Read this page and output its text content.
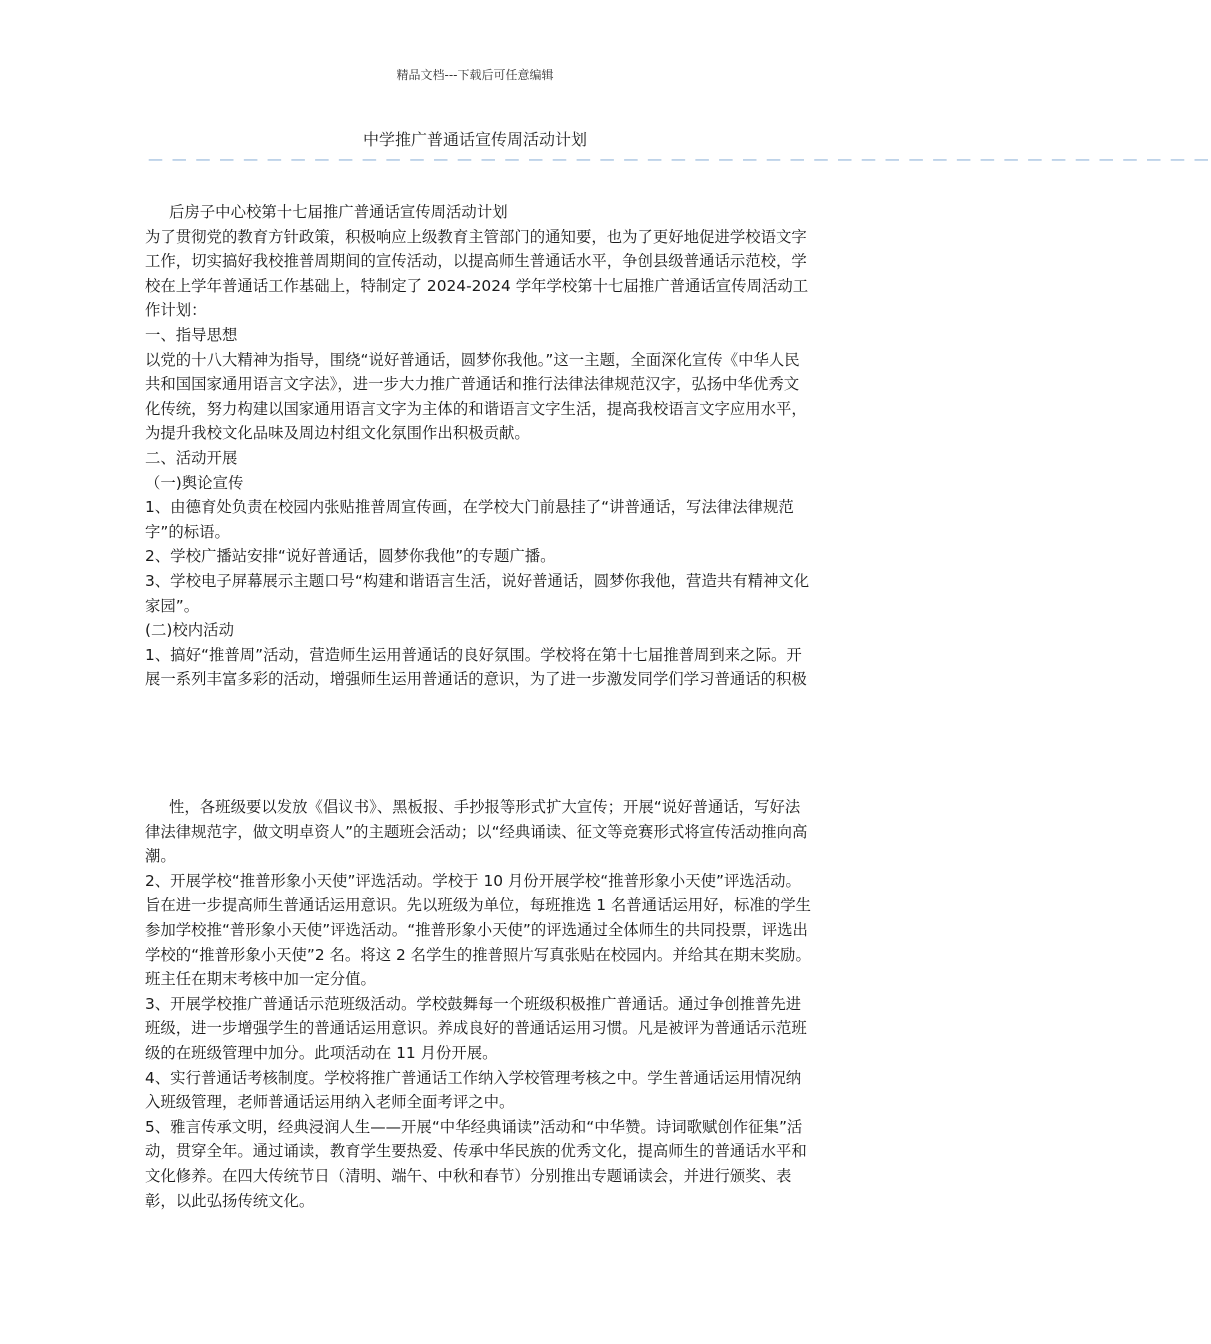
精品文档---下载后可任意编辑
中学推广普通话宣传周活动计划
— — — — — — — — — — — — — — — — — — — — — — — — — — — — — — — — — — — — — — — — — — — — —

后房子中心校第十七届推广普通话宣传周活动计划

为了贯彻党的教育方针政策，积极响应上级教育主管部门的通知要，也为了更好地促进学校语文字工作，切实搞好我校推普周期间的宣传活动，以提高师生普通话水平，争创县级普通话示范校，学校在上学年普通话工作基础上，特制定了 2024-2024 学年学校第十七届推广普通话宣传周活动工作计划：

一、指导思想

以党的十八大精神为指导，围绕“说好普通话，圆梦你我他。”这一主题，全面深化宣传《中华人民共和国国家通用语言文字法》，进一步大力推广普通话和推行法律法律规范汉字，弘扬中华优秀文化传统，努力构建以国家通用语言文字为主体的和谐语言文字生活，提高我校语言文字应用水平，为提升我校文化品味及周边村组文化氛围作出积极贡献。

二、活动开展

（一)舆论宣传

1、由德育处负责在校园内张贴推普周宣传画，在学校大门前悬挂了“讲普通话，写法律法律规范字”的标语。

2、学校广播站安排“说好普通话，圆梦你我他”的专题广播。

3、学校电子屏幕展示主题口号“构建和谐语言生活，说好普通话，圆梦你我他，营造共有精神文化家园”。

(二)校内活动

1、搞好“推普周”活动，营造师生运用普通话的良好氛围。学校将在第十七届推普周到来之际。开展一系列丰富多彩的活动，增强师生运用普通话的意识，为了进一步激发同学们学习普通话的积极

性，各班级要以发放《倡议书》、黑板报、手抄报等形式扩大宣传；开展“说好普通话，写好法律法律规范字，做文明卓资人”的主题班会活动；以“经典诵读、征文等竞赛形式将宣传活动推向高潮。

2、开展学校“推普形象小天使”评选活动。学校于 10 月份开展学校“推普形象小天使”评选活动。旨在进一步提高师生普通话运用意识。先以班级为单位，每班推选 1 名普通话运用好，标准的学生参加学校推“普形象小天使”评选活动。“推普形象小天使”的评选通过全体师生的共同投票，评选出学校的“推普形象小天使”2 名。将这 2 名学生的推普照片写真张贴在校园内。并给其在期末奖励。班主任在期末考核中加一定分值。

3、开展学校推广普通话示范班级活动。学校鼓舞每一个班级积极推广普通话。通过争创推普先进班级，进一步增强学生的普通话运用意识。养成良好的普通话运用习惯。凡是被评为普通话示范班级的在班级管理中加分。此项活动在 11 月份开展。

4、实行普通话考核制度。学校将推广普通话工作纳入学校管理考核之中。学生普通话运用情况纳入班级管理，老师普通话运用纳入老师全面考评之中。

5、雅言传承文明，经典浸润人生——开展“中华经典诵读”活动和“中华赞。诗词歌赋创作征集”活动，贯穿全年。通过诵读，教育学生要热爱、传承中华民族的优秀文化，提高师生的普通话水平和文化修养。在四大传统节日（清明、端午、中秋和春节）分别推出专题诵读会，并进行颁奖、表彰，以此弘扬传统文化。
